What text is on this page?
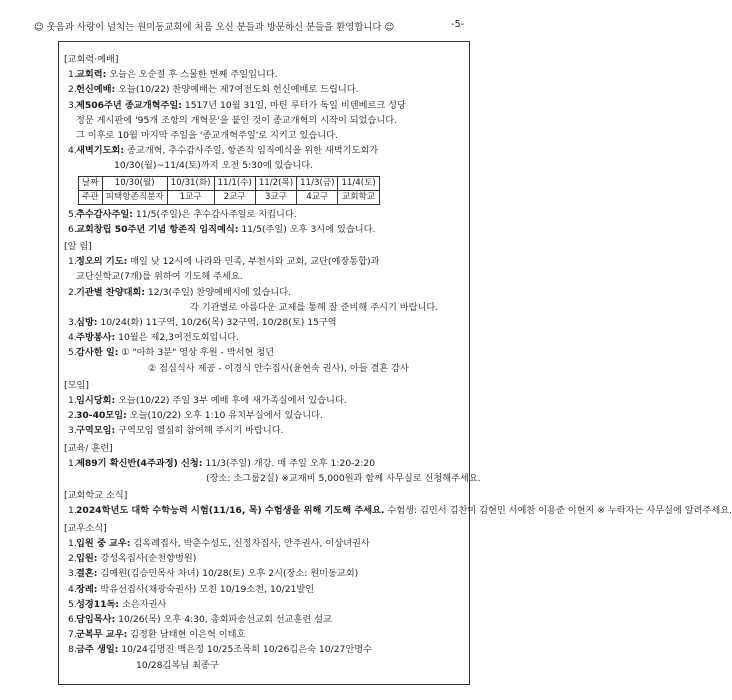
☺ 웃음과 사랑이 넘치는 원미동교회에 처음 오신 분들과 방문하신 분들을 환영합니다 ☺	-5-
[교회력·예배]
1. 교회력: 오늘은 오순절 후 스물한 번째 주일입니다.
2. 헌신예배: 오늘(10/22) 찬양예배는 제7여전도회 헌신예배로 드립니다.
3. 제506주년 종교개혁주일: 1517년 10월 31일, 마틴 루터가 독일 비텐베르크 성당
정문 게시판에 '95개 조항의 개혁문'을 붙인 것이 종교개혁의 시작이 되었습니다.
그 이후로 10월 마지막 주일을 '종교개혁주일'로 지키고 있습니다.
4. 새벽기도회: 종교개혁, 추수감사주일, 항존직 임직예식을 위한 새벽기도회가
10/30(월)~11/4(토)까지 오전 5:30에 있습니다.
날짜	10/30(월)	10/31(화)	11/1(수)	11/2(목)	11/3(금)	11/4(토)
주관	피택항존직분자	1교구	2교구	3교구	4교구	교회학교
5. 추수감사주일: 11/5(주일)은 추수감사주일로 지킵니다.
6. 교회창립 50주년 기념 항존직 임직예식: 11/5(주일) 오후 3시에 있습니다.
[알 림]
1. 정오의 기도: 매일 낮 12시에 나라와 민족, 부천시와 교회, 교단(예장통합)과
교단신학교(7개)를 위하여 기도해 주세요.
2. 기관별 찬양대회: 12/3(주일) 찬양예배시에 있습니다.
각 기관별로 아름다운 교제를 통해 잘 준비해 주시기 바랍니다.
3. 심방: 10/24(화) 11구역, 10/26(목) 32구역, 10/28(토) 15구역
4. 주방봉사: 10월은 제2,3여전도회입니다.
5. 감사한 일: ① "아하 3분" 영상 후원 - 박서현 청년
② 점심식사 제공 - 이경식 안수집사(윤현숙 권사), 아들 결혼 감사
[모임]
1. 임시당회: 오늘(10/22) 주일 3부 예배 후에 새가족실에서 있습니다.
2. 30-40모임: 오늘(10/22) 오후 1:10 유치부실에서 있습니다.
3. 구역모임: 구역모임 열심히 참여해 주시기 바랍니다.
[교육/ 훈련]
1. 제89기 확신반(4주과정) 신청: 11/3(주일) 개강. 매 주일 오후 1:20-2:20
(장소: 소그룹2실) ※교재비 5,000원과 함께 사무실로 신청해주세요.
[교회학교 소식]
1. 2024학년도 대학 수학능력 시험(11/16, 목) 수험생을 위해 기도해 주세요. 수험생: 김민서 김찬미 김현민 서예찬 이용준 이현지 ※ 누락자는 사무실에 알려주세요.
[교우소식]
1. 입원 중 교우: 김옥례집사, 박춘수성도, 신정자집사, 안주권사, 이상녀권사
2. 입원: 강성옥집사(순천향병원)
3. 결혼: 김예원(김승민목사 차녀) 10/28(토) 오후 2시(장소: 원미동교회)
4. 장례: 박유선집사(채광숙권사) 모친 10/19소천, 10/21발인
5. 성경11독: 소은자권사
6. 담임목사: 10/26(목) 오후 4:30, 총회파송선교회 선교훈련 설교
7. 군복무 교우: 김정환 남태현 이은혁 이태호
8. 금주 생일: 10/24김명진 백은정 10/25조목희 10/26김은숙 10/27안명수
10/28김복님 최종구
